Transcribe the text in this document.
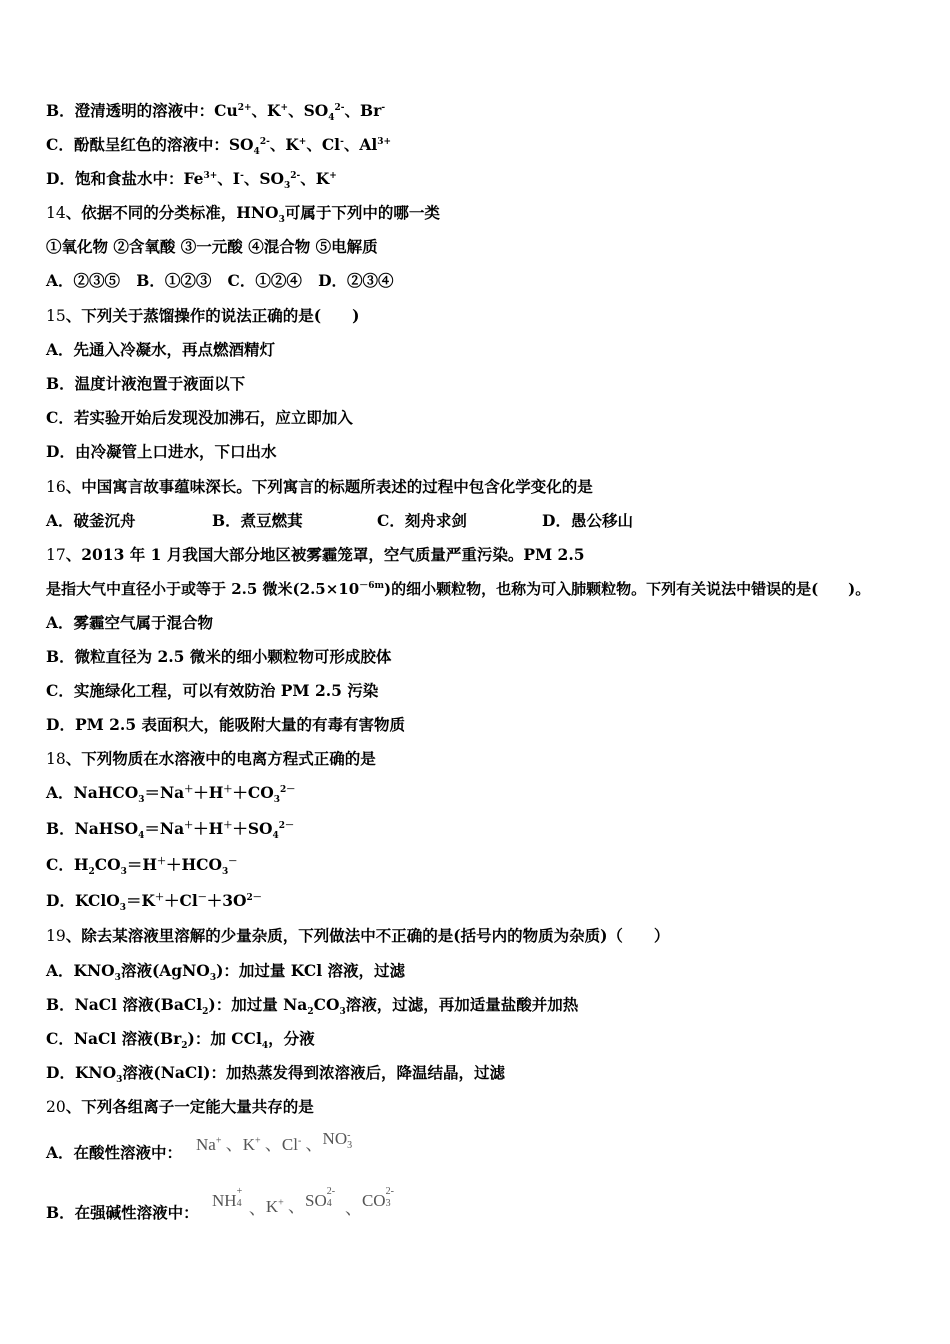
B．澄清透明的溶液中：$Cu^{2+}$、K+、$SO_4^{2-}$、Br-
C．酚酞呈红色的溶液中：$SO_4^{2-}$、K+、Cl-、$Al^{3+}$
D．饱和食盐水中：$Fe^{3+}$、I-、$SO_3^{2-}$、K+
14、依据不同的分类标准，$HNO_3$可属于下列中的哪一类
①氧化物 ②含氧酸 ③一元酸 ④混合物 ⑤电解质
A．②③⑤ B．①②③ C．①②④ D．②③④
15、下列关于蒸馏操作的说法正确的是(　　)
A．先通入冷凝水，再点燃酒精灯
B．温度计液泡置于液面以下
C．若实验开始后发现没加沸石，应立即加入
D．由冷凝管上口进水，下口出水
16、中国寓言故事蕴味深长。下列寓言的标题所表述的过程中包含化学变化的是
A．破釜沉舟	B．煮豆燃萁	C．刻舟求剑	D．愚公移山
17、2013 年 1 月我国大部分地区被雾霾笼罩，空气质量严重污染。PM 2.5
是指大气中直径小于或等于 2.5 微米$(2.5\times 10^{-6m})$的细小颗粒物，也称为可入肺颗粒物。下列有关说法中错误的是(　　)。
A．雾霾空气属于混合物
B．微粒直径为 2.5 微米的细小颗粒物可形成胶体
C．实施绿化工程，可以有效防治 PM 2.5 污染
D．PM 2.5 表面积大，能吸附大量的有毒有害物质
18、下列物质在水溶液中的电离方程式正确的是
A．$NaHCO_3=Na^++H^++CO_3^{2-}$
B．$NaHSO_4=Na^++H^++SO_4^{2-}$
C．$H_2CO_3=H^++HCO_3^-$
D．$KClO_3=K^++Cl^-+3O^{2-}$
19、除去某溶液里溶解的少量杂质，下列做法中不正确的是(括号内的物质为杂质)（　　）
A．$KNO_3$溶液(AgNO$_3$)：加过量 KCl 溶液，过滤
B．NaCl 溶液(BaCl$_2$)：加过量 $Na_2CO_3$溶液，过滤，再加适量盐酸并加热
C．NaCl 溶液$(Br_2)$：加 CCl$_4$，分液
D．$KNO_3$溶液(NaCl)：加热蒸发得到浓溶液后，降温结晶，过滤
20、下列各组离子一定能大量共存的是
A．在酸性溶液中： Na+ 、K+ 、Cl- 、NO -
3
B．在强碱性溶液中：
NH +
4 、K+ 、SO 2-
4 、CO 2-
3
